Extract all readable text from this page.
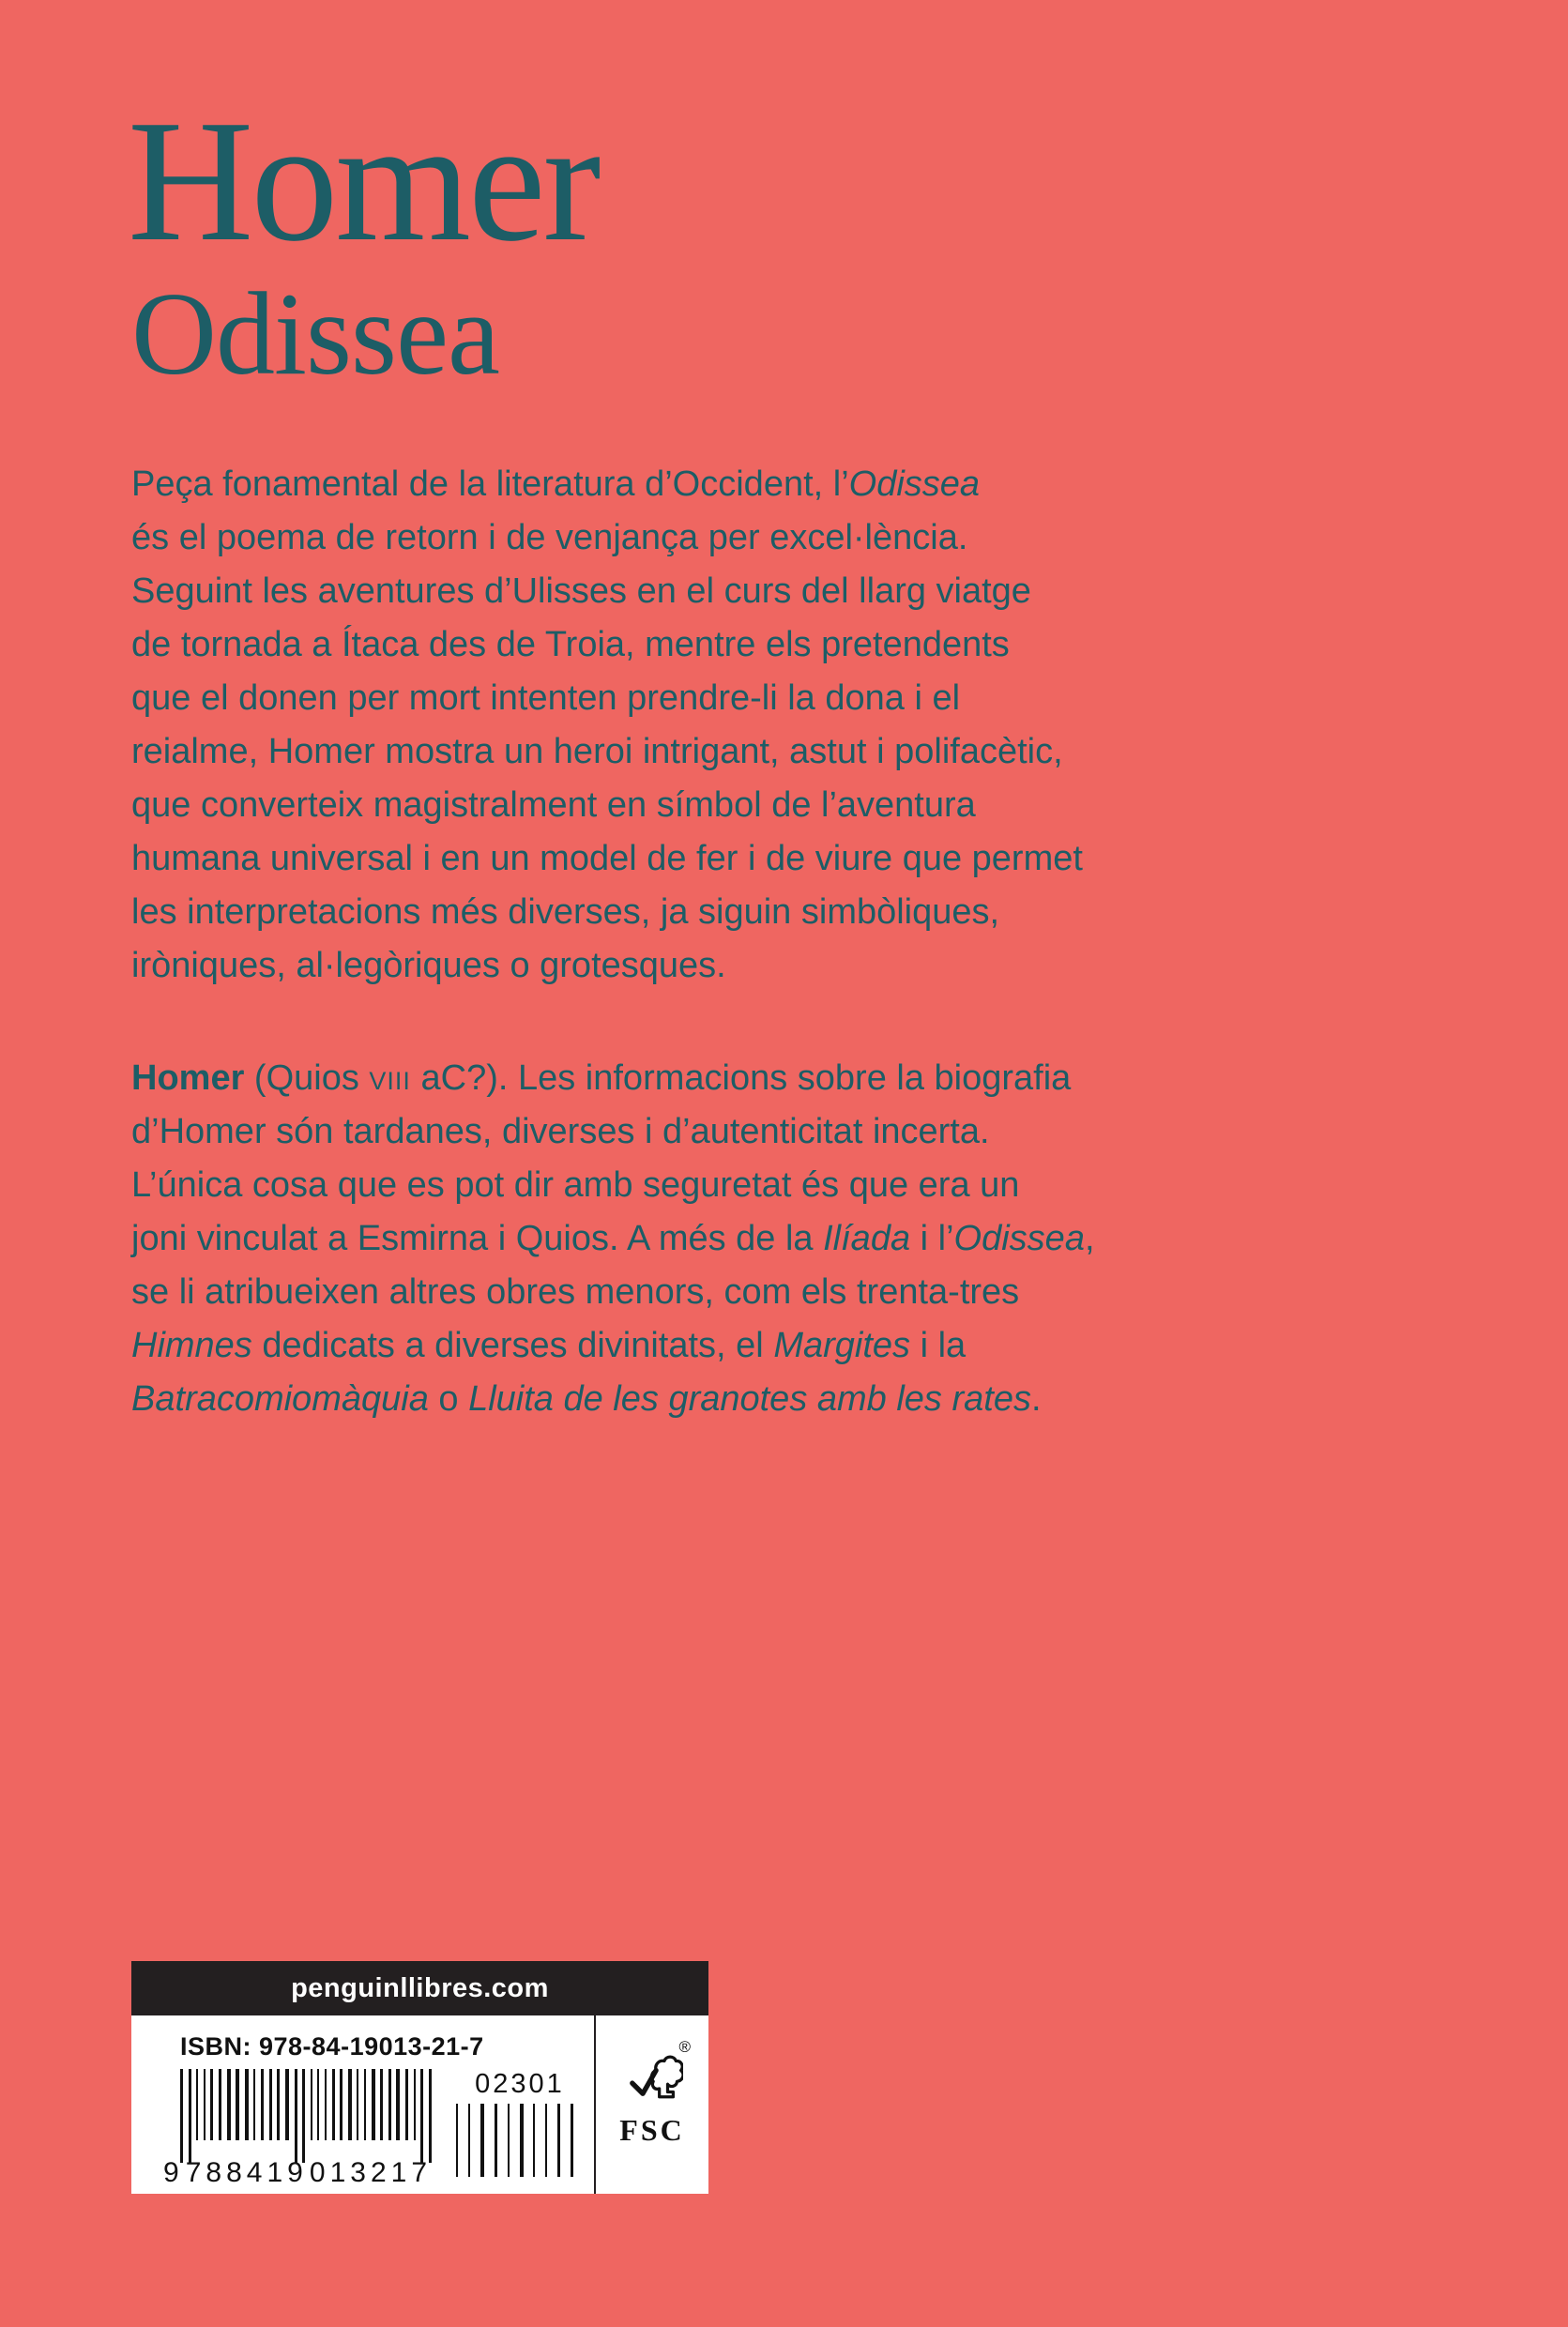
Homer
Odissea
Peça fonamental de la literatura d’Occident, l’Odissea
és el poema de retorn i de venjança per excel·lència.
Seguint les aventures d’Ulisses en el curs del llarg viatge
de tornada a Ítaca des de Troia, mentre els pretendents
que el donen per mort intenten prendre-li la dona i el
reialme, Homer mostra un heroi intrigant, astut i polifacètic,
que converteix magistralment en símbol de l’aventura
humana universal i en un model de fer i de viure que permet
les interpretacions més diverses, ja siguin simbòliques,
iròniques, al·legòriques o grotesques.
Homer (Quios viii aC?). Les informacions sobre la biografia
d’Homer són tardanes, diverses i d’autenticitat incerta.
L’única cosa que es pot dir amb seguretat és que era un
joni vinculat a Esmirna i Quios. A més de la Ilíada i l’Odissea,
se li atribueixen altres obres menors, com els trenta-tres
Himnes dedicats a diverses divinitats, el Margites i la
Batracomiomàquia o Lluita de les granotes amb les rates.
penguinllibres.com
ISBN: 978-84-19013-21-7
9 788419 013217
02301
®
FSC
